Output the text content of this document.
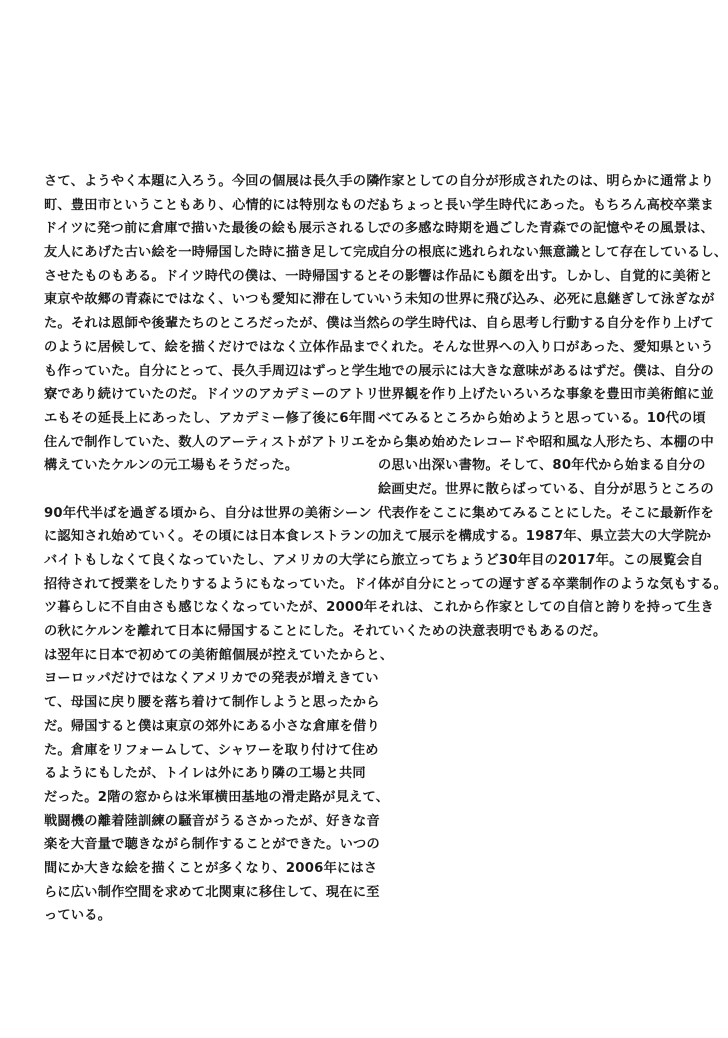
さて、ようやく本題に入ろう。今回の個展は長久手の隣
町、豊田市ということもあり、心情的には特別なものだ。
ドイツに発つ前に倉庫で描いた最後の絵も展示されるし、
友人にあげた古い絵を一時帰国した時に描き足して完成
させたものもある。ドイツ時代の僕は、一時帰国すると
東京や故郷の青森にではなく、いつも愛知に滞在してい
た。それは恩師や後輩たちのところだったが、僕は当然
のように居候して、絵を描くだけではなく立体作品まで
も作っていた。自分にとって、長久手周辺はずっと学生
寮であり続けていたのだ。ドイツのアカデミーのアトリ
エもその延長上にあったし、アカデミー修了後に6年間
住んで制作していた、数人のアーティストがアトリエを
構えていたケルンの元工場もそうだった。
90年代半ばを過ぎる頃から、自分は世界の美術シーン
に認知され始めていく。その頃には日本食レストランの
バイトもしなくて良くなっていたし、アメリカの大学に
招待されて授業をしたりするようにもなっていた。ドイ
ツ暮らしに不自由さも感じなくなっていたが、2000年
の秋にケルンを離れて日本に帰国することにした。それ
は翌年に日本で初めての美術館個展が控えていたからと、
ヨーロッパだけではなくアメリカでの発表が増えきてい
て、母国に戻り腰を落ち着けて制作しようと思ったから
だ。帰国すると僕は東京の郊外にある小さな倉庫を借り
た。倉庫をリフォームして、シャワーを取り付けて住め
るようにもしたが、トイレは外にあり隣の工場と共同
だった。2階の窓からは米軍横田基地の滑走路が見えて、
戦闘機の離着陸訓練の騒音がうるさかったが、好きな音
楽を大音量で聴きながら制作することができた。いつの
間にか大きな絵を描くことが多くなり、2006年にはさ
らに広い制作空間を求めて北関東に移住して、現在に至
っている。
作家としての自分が形成されたのは、明らかに通常より
もちょっと長い学生時代にあった。もちろん高校卒業ま
での多感な時期を過ごした青森での記憶やその風景は、
自分の根底に逃れられない無意識として存在しているし、
その影響は作品にも顔を出す。しかし、自覚的に美術と
いう未知の世界に飛び込み、必死に息継ぎして泳ぎなが
らの学生時代は、自ら思考し行動する自分を作り上げて
くれた。そんな世界への入り口があった、愛知県という
地での展示には大きな意味があるはずだ。僕は、自分の
世界観を作り上げたいろいろな事象を豊田市美術館に並
べてみるところから始めようと思っている。10代の頃
から集め始めたレコードや昭和風な人形たち、本棚の中
の思い出深い書物。そして、80年代から始まる自分の
絵画史だ。世界に散らばっている、自分が思うところの
代表作をここに集めてみることにした。そこに最新作を
加えて展示を構成する。1987年、県立芸大の大学院か
ら旅立ってちょうど30年目の2017年。この展覧会自
体が自分にとっての遅すぎる卒業制作のような気もする。
それは、これから作家としての自信と誇りを持って生き
ていくための決意表明でもあるのだ。
